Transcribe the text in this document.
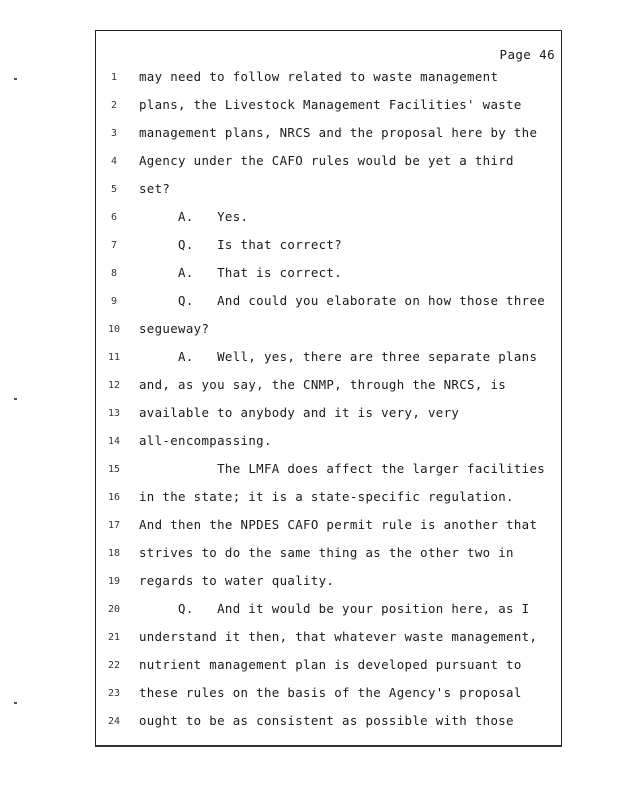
Page 46
1	may need to follow related to waste management
2	plans, the Livestock Management Facilities' waste
3	management plans, NRCS and the proposal here by the
4	Agency under the CAFO rules would be yet a third
5	set?
6	A.   Yes.
7	Q.   Is that correct?
8	A.   That is correct.
9	Q.   And could you elaborate on how those three
10 segueway?
11 A.   Well, yes, there are three separate plans
12 and, as you say, the CNMP, through the NRCS, is
13 available to anybody and it is very, very
14 all-encompassing.
15 The LMFA does affect the larger facilities
16 in the state; it is a state-specific regulation.
17 And then the NPDES CAFO permit rule is another that
18 strives to do the same thing as the other two in
19 regards to water quality.
20 Q.   And it would be your position here, as I
21 understand it then, that whatever waste management,
22 nutrient management plan is developed pursuant to
23 these rules on the basis of the Agency's proposal
24 ought to be as consistent as possible with those
